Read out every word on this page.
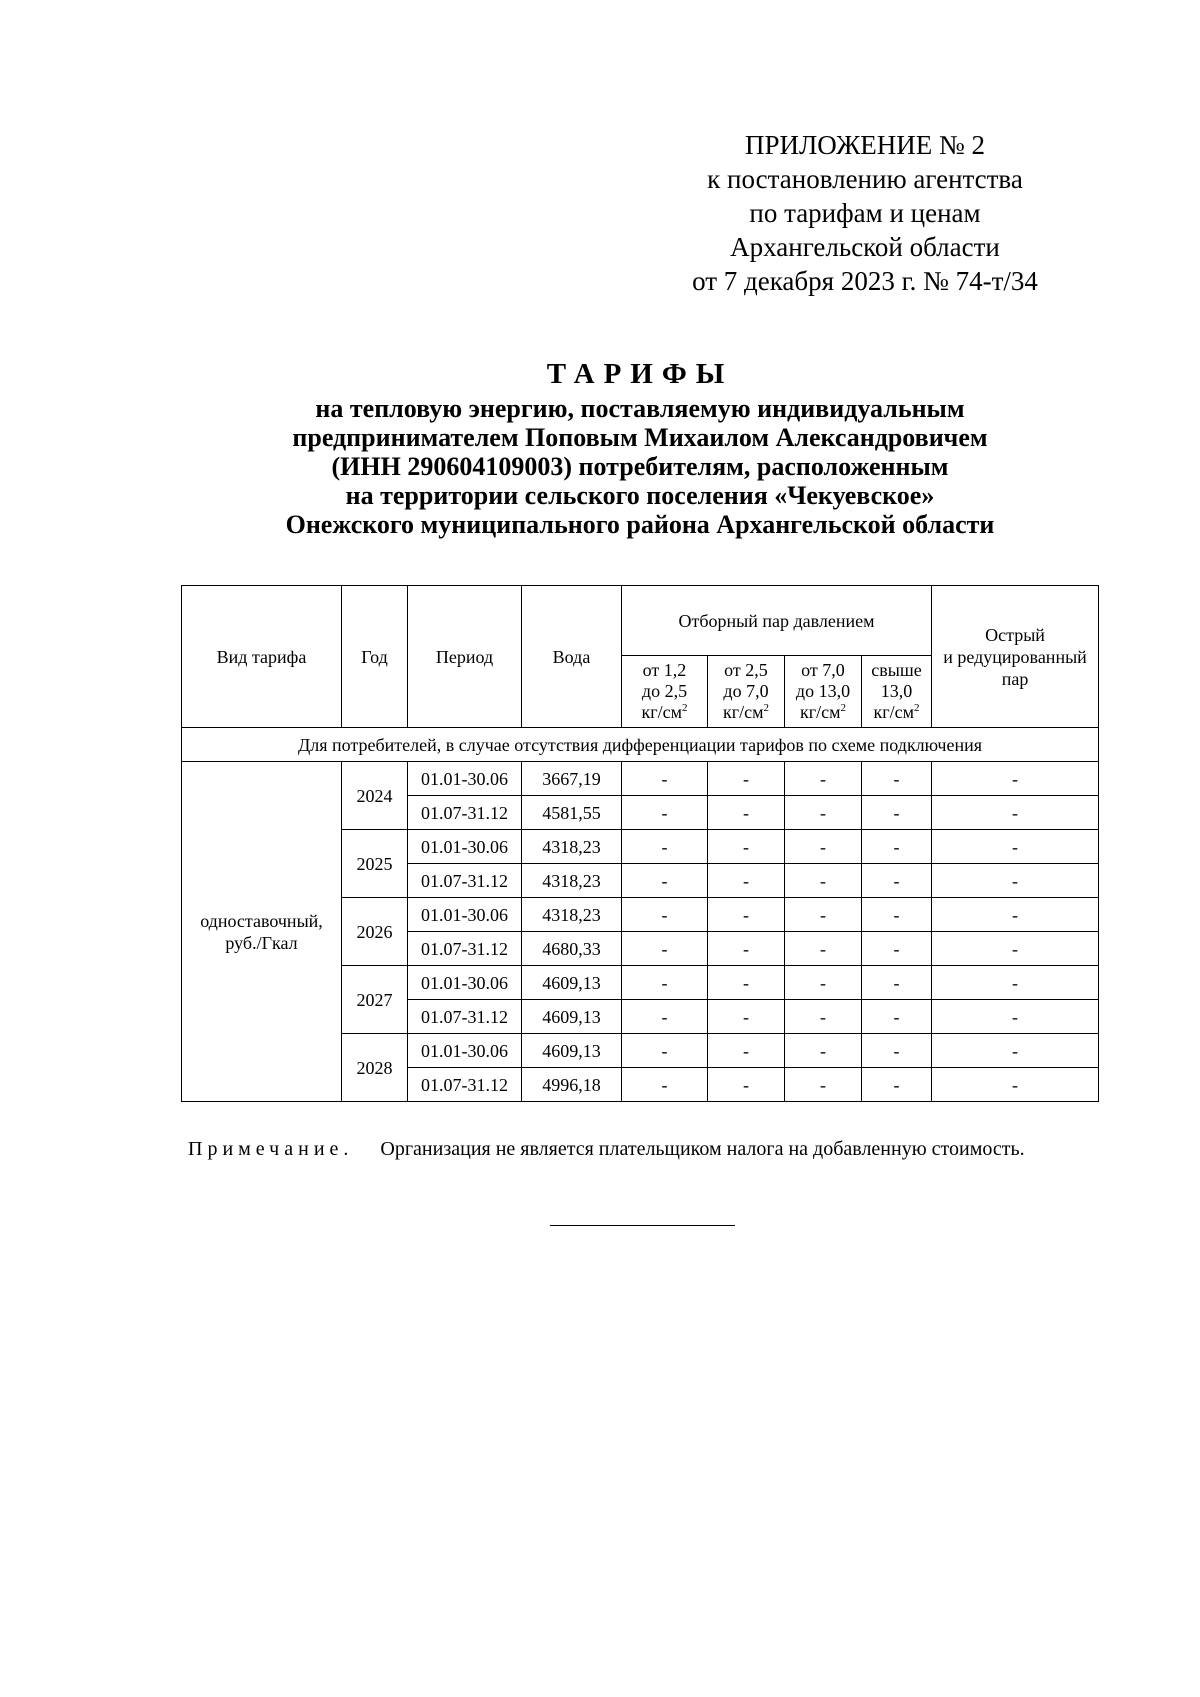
ПРИЛОЖЕНИЕ № 2
к постановлению агентства
по тарифам и ценам
Архангельской области
от 7 декабря 2023 г. № 74-т/34
ТАРИФЫ
на тепловую энергию, поставляемую индивидуальным
предпринимателем Поповым Михаилом Александровичем
(ИНН 290604109003) потребителям, расположенным
на территории сельского поселения «Чекуевское»
Онежского муниципального района Архангельской области
Вид тарифа	Год	Период	Вода	Отборный пар давлением				Острый
и редуцированный
пар

				от 1,2
до 2,5
$кг/см^2$	от 2,5
до 7,0
$кг/см^2$	от 7,0
до 13,0
$кг/см^2$	свыше
13,0
$кг/см^2$

Для потребителей, в случае отсутствия дифференциации тарифов по схеме подключения								

одноставочный,
руб./Гкал	2024	01.01-30.06	3667,19	-	-	-	-	-
		01.07-31.12	4581,55	-	-	-	-	-
	2025	01.01-30.06	4318,23	-	-	-	-	-
		01.07-31.12	4318,23	-	-	-	-	-
	2026	01.01-30.06	4318,23	-	-	-	-	-
		01.07-31.12	4680,33	-	-	-	-	-
	2027	01.01-30.06	4609,13	-	-	-	-	-
		01.07-31.12	4609,13	-	-	-	-	-
	2028	01.01-30.06	4609,13	-	-	-	-	-
		01.07-31.12	4996,18	-	-	-	-	-
Примечание. Организация не является плательщиком налога на добавленную стоимость.
